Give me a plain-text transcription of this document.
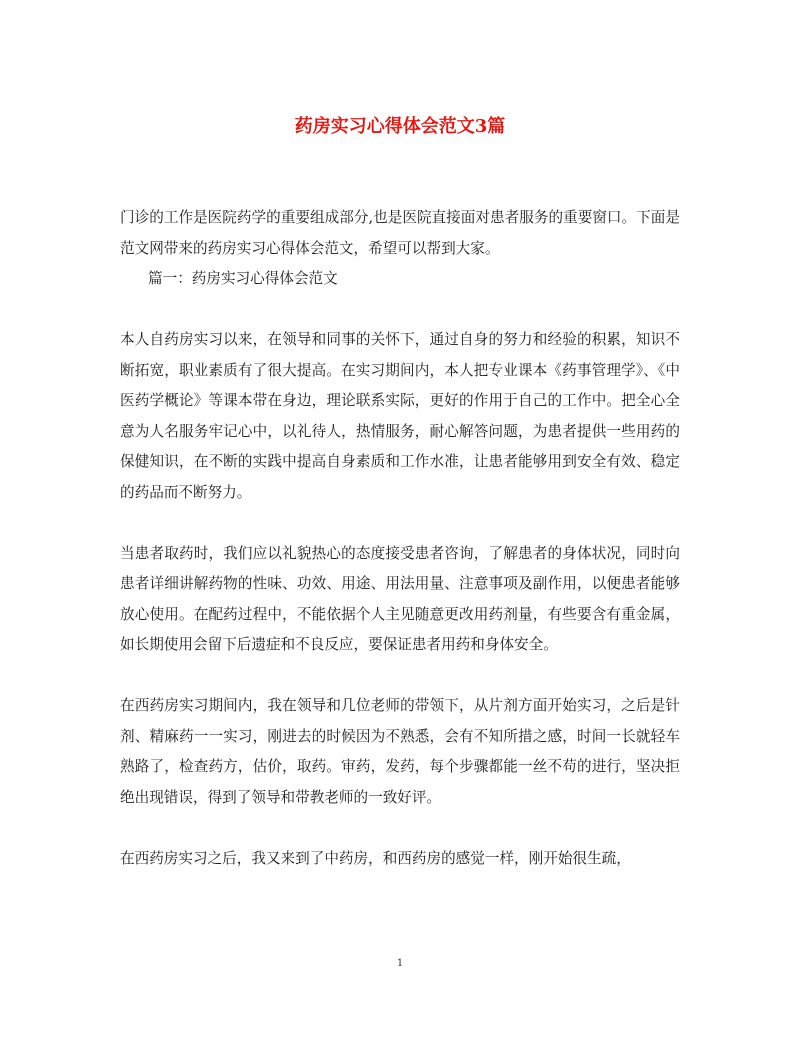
药房实习心得体会范文3篇

门诊的工作是医院药学的重要组成部分,也是医院直接面对患者服务的重要窗口。下面是范文网带来的药房实习心得体会范文，希望可以帮到大家。

篇一：药房实习心得体会范文

本人自药房实习以来，在领导和同事的关怀下，通过自身的努力和经验的积累，知识不断拓宽，职业素质有了很大提高。在实习期间内，本人把专业课本《药事管理学》、《中医药学概论》等课本带在身边，理论联系实际，更好的作用于自己的工作中。把全心全意为人名服务牢记心中，以礼待人，热情服务，耐心解答问题，为患者提供一些用药的保健知识，在不断的实践中提高自身素质和工作水准，让患者能够用到安全有效、稳定的药品而不断努力。

当患者取药时，我们应以礼貌热心的态度接受患者咨询，了解患者的身体状况，同时向患者详细讲解药物的性味、功效、用途、用法用量、注意事项及副作用，以便患者能够放心使用。在配药过程中，不能依据个人主见随意更改用药剂量，有些要含有重金属，如长期使用会留下后遗症和不良反应，要保证患者用药和身体安全。

在西药房实习期间内，我在领导和几位老师的带领下，从片剂方面开始实习，之后是针剂、精麻药一一实习，刚进去的时候因为不熟悉，会有不知所措之感，时间一长就轻车熟路了，检查药方，估价，取药。审药，发药，每个步骤都能一丝不苟的进行，坚决拒绝出现错误，得到了领导和带教老师的一致好评。

在西药房实习之后，我又来到了中药房，和西药房的感觉一样，刚开始很生疏，

1
